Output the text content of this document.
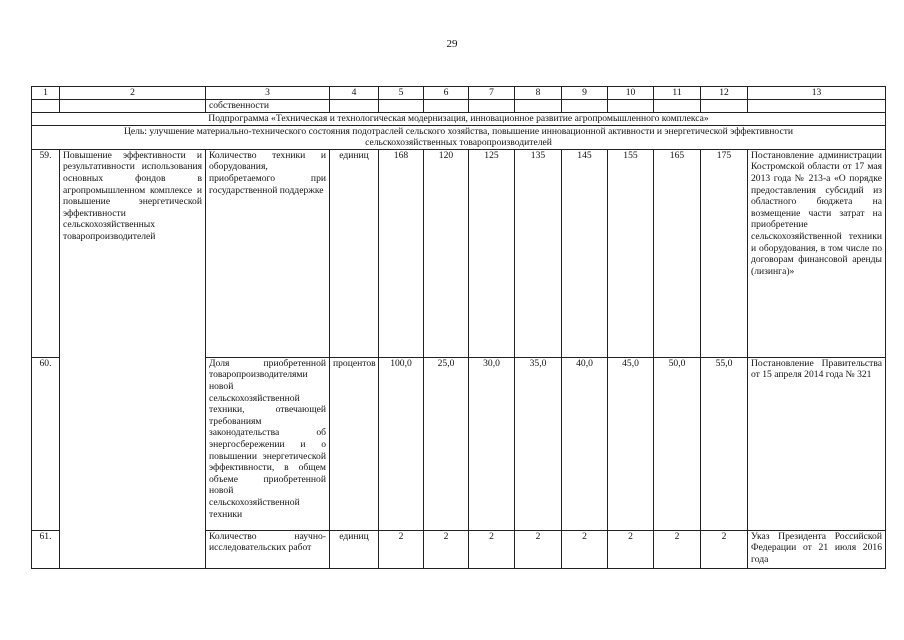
29
1	2	3	4	5	6	7	8	9	10	11	12	13
		собственности										
Подпрограмма «Техническая и технологическая модернизация, инновационное развитие агропромышленного комплекса»												
Цель: улучшение материально-технического состояния подотраслей сельского хозяйства, повышение инновационной активности и энергетической эффективности сельскохозяйственных товаропроизводителей												
59.	Повышение эффективности и результативности использования основных фондов в агропромышленном комплексе и повышение энергетической эффективности сельскохозяйственных товаропроизводителей	Количество техники и оборудования, приобретаемого при государственной поддержке	единиц	168	120	125	135	145	155	165	175	Постановление администрации Костромской области от 17 мая 2013 года № 213-а «О порядке предоставления субсидий из областного бюджета на возмещение части затрат на приобретение сельскохозяйственной техники и оборудования, в том числе по договорам финансовой аренды (лизинга)»
60.		Доля приобретенной товаропроизводителями новой сельскохозяйственной техники, отвечающей требованиям законодательства об энергосбережении и о повышении энергетической эффективности, в общем объеме приобретенной новой сельскохозяйственной техники	процентов	100,0	25,0	30,0	35,0	40,0	45,0	50,0	55,0	Постановление Правительства от 15 апреля 2014 года № 321
61.		Количество научно-исследовательских работ	единиц	2	2	2	2	2	2	2	2	Указ Президента Российской Федерации от 21 июля 2016 года
